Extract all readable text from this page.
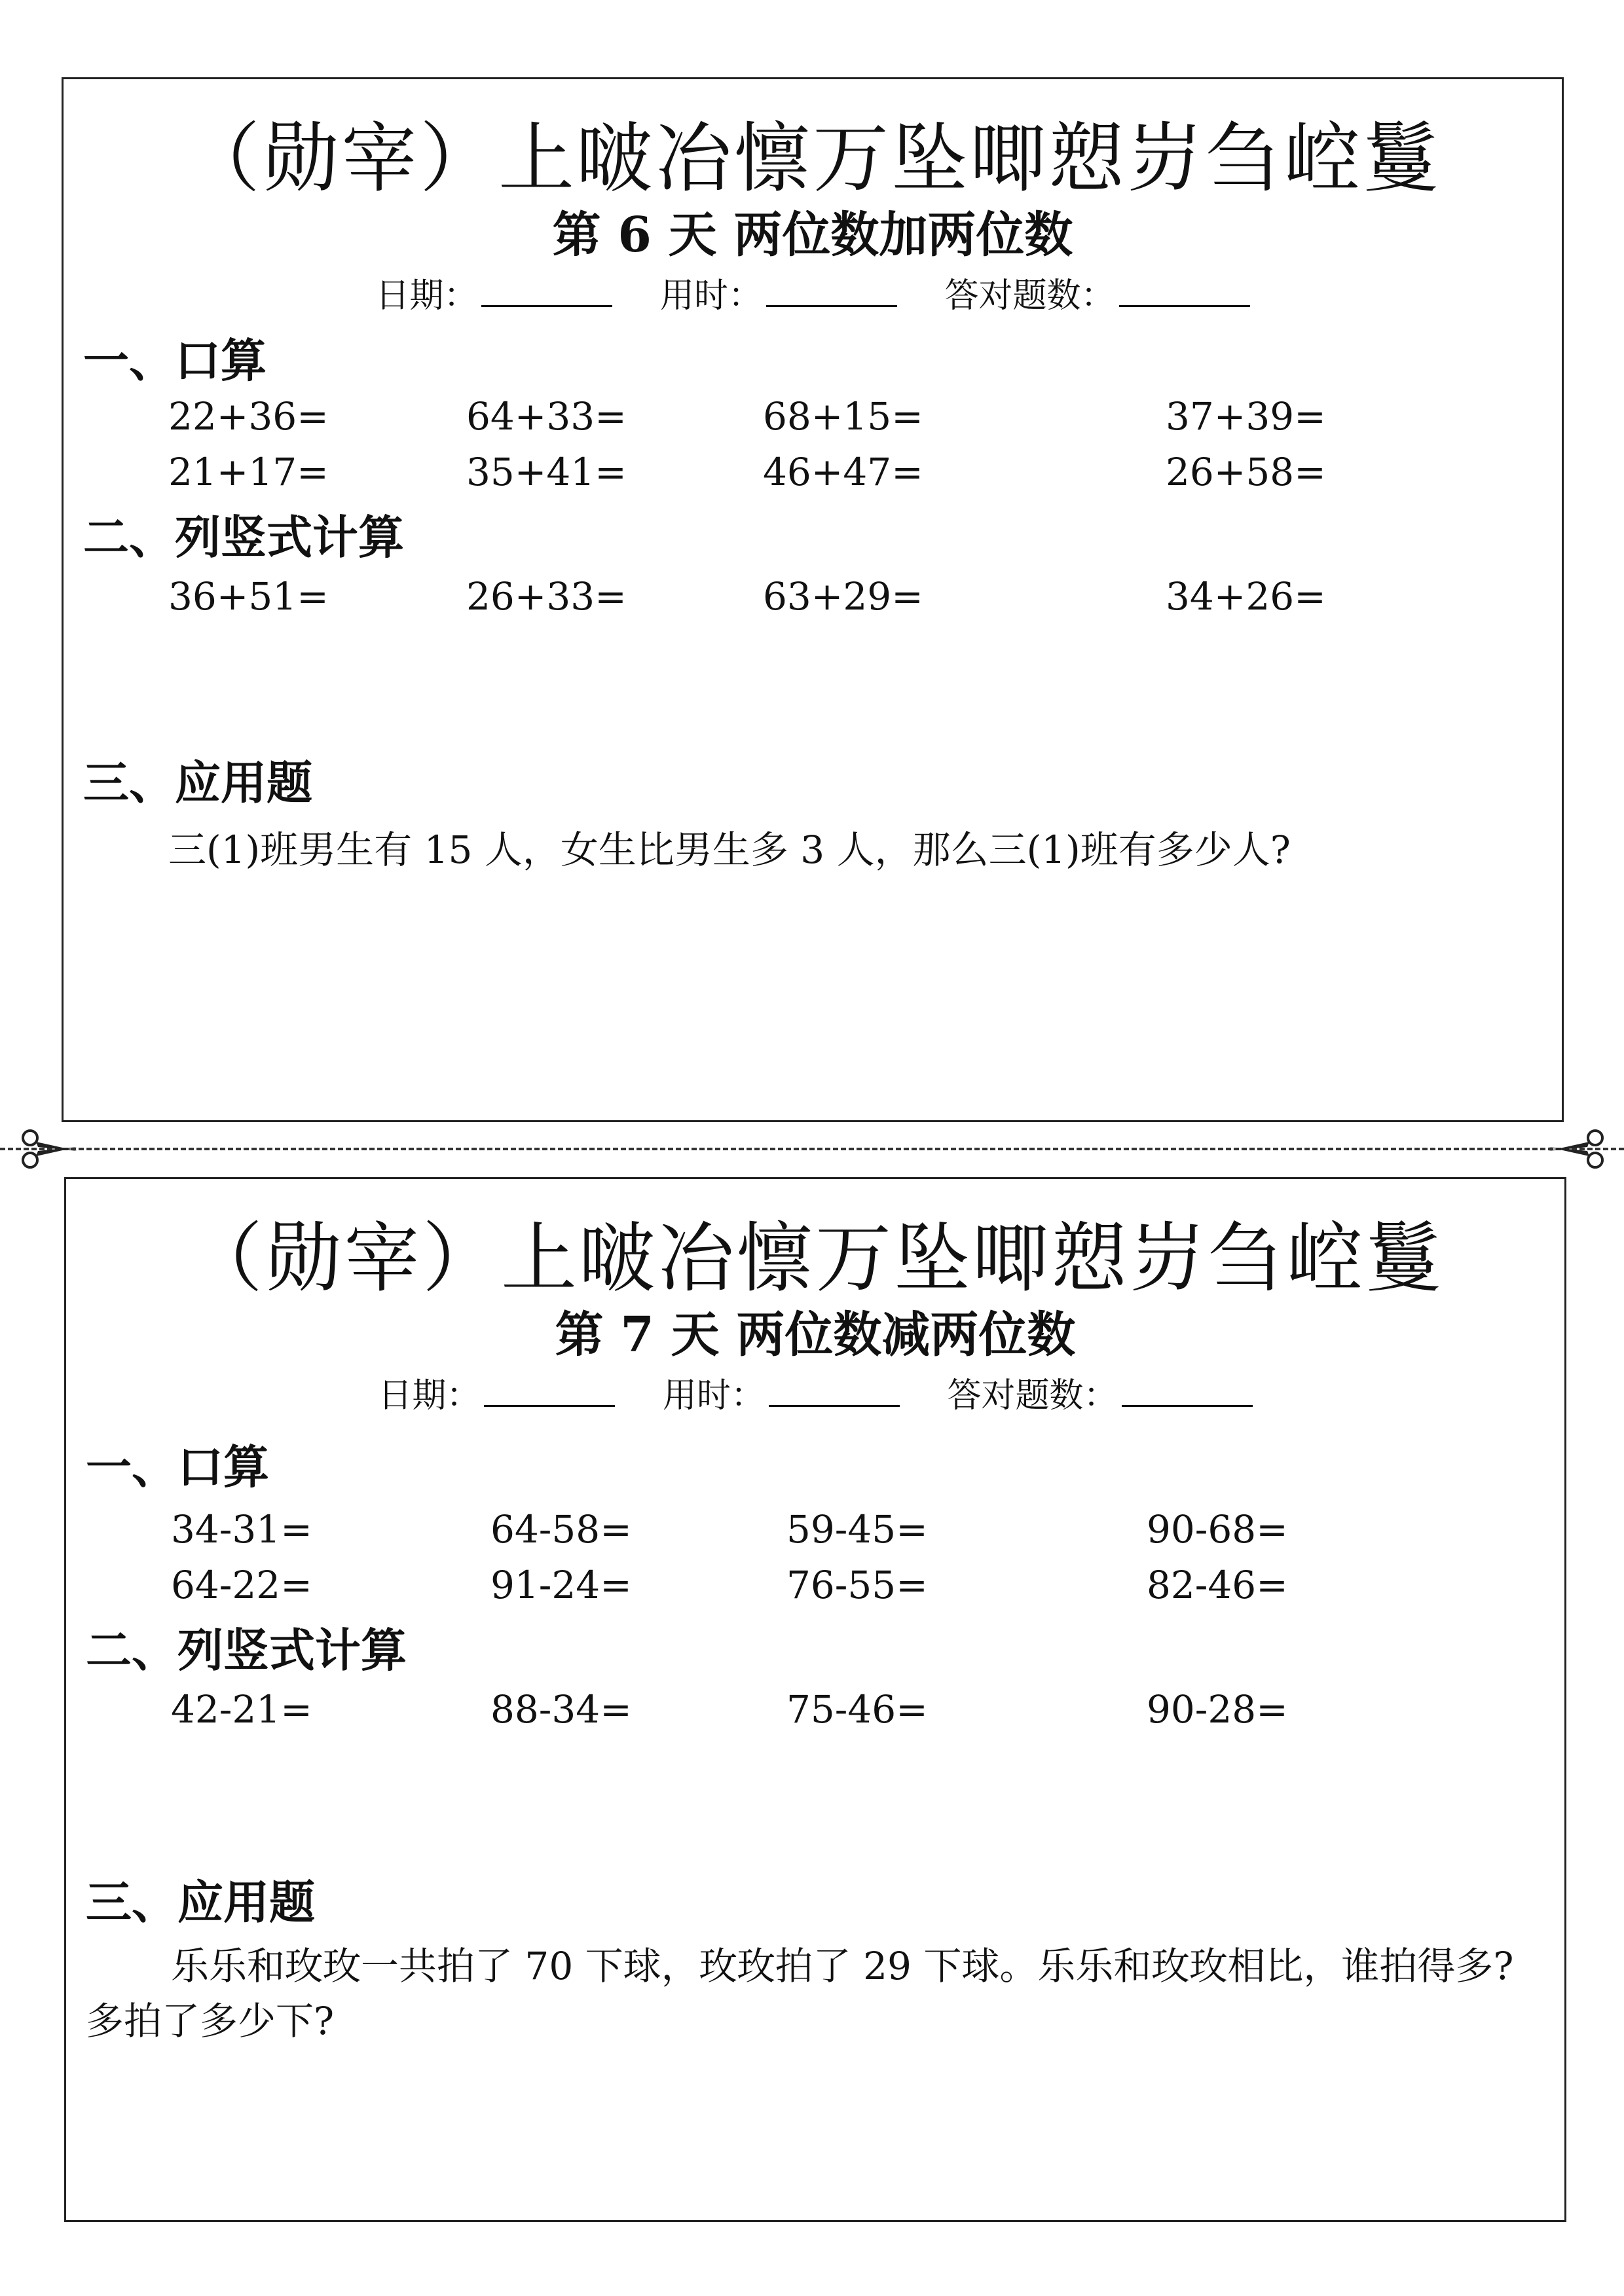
（勋宰）上啵冶懔万坠唧愬岃刍崆鬘
第 6 天 两位数加两位数
日期：	用时：	答对题数：
一、口算
22+36=	64+33=	68+15=	37+39=
21+17=	35+41=	46+47=	26+58=
二、列竖式计算
36+51=	26+33=	63+29=	34+26=
三、应用题
三(1)班男生有 15 人，女生比男生多 3 人，那么三(1)班有多少人?
（勋宰）上啵冶懔万坠唧愬岃刍崆鬘
第 7 天 两位数减两位数
日期：	用时：	答对题数：
一、口算
34-31=	64-58=	59-45=	90-68=
64-22=	91-24=	76-55=	82-46=
二、列竖式计算
42-21=	88-34=	75-46=	90-28=
三、应用题
乐乐和玫玫一共拍了 70 下球，玫玫拍了 29 下球。乐乐和玫玫相比，谁拍得多? 多拍了多少下?
